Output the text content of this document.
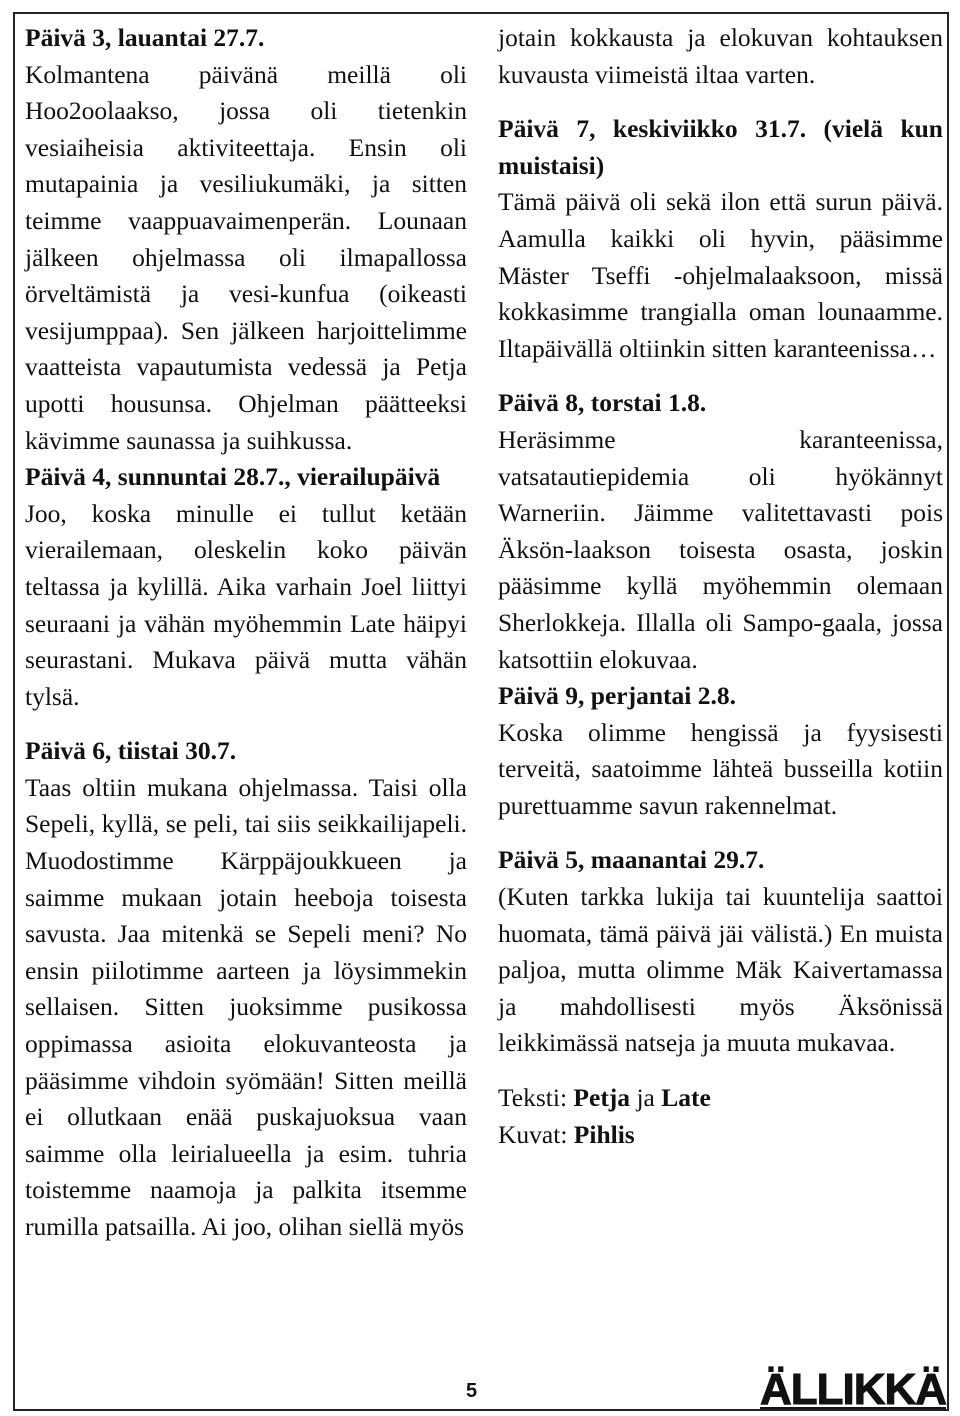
Päivä 3, lauantai 27.7.

Kolmantena päivänä meillä oli Hoo2oolaakso, jossa oli tietenkin vesiaiheisia aktiviteettaja. Ensin oli mutapainia ja vesiliukumäki, ja sitten teimme vaappuavaimenperän. Lounaan jälkeen ohjelmassa oli ilmapallossa örveltämistä ja vesi-kunfua (oikeasti vesijumppaa). Sen jälkeen harjoittelimme vaatteista vapautumista vedessä ja Petja upotti housunsa. Ohjelman päätteeksi kävimme saunassa ja suihkussa.

Päivä 4, sunnuntai 28.7., vierailupäivä

Joo, koska minulle ei tullut ketään vierailemaan, oleskelin koko päivän teltassa ja kylillä. Aika varhain Joel liittyi seuraani ja vähän myöhemmin Late häipyi seurastani. Mukava päivä mutta vähän tylsä.

Päivä 6, tiistai 30.7.

Taas oltiin mukana ohjelmassa. Taisi olla Sepeli, kyllä, se peli, tai siis seikkailijapeli. Muodostimme Kärppäjoukkueen ja saimme mukaan jotain heeboja toisesta savusta. Jaa mitenkä se Sepeli meni? No ensin piilotimme aarteen ja löysimmekin sellaisen. Sitten juoksimme pusikossa oppimassa asioita elokuvanteosta ja pääsimme vihdoin syömään! Sitten meillä ei ollutkaan enää puskajuoksua vaan saimme olla leirialueella ja esim. tuhria toistemme naamoja ja palkita itsemme rumilla patsailla. Ai joo, olihan siellä myös

jotain kokkausta ja elokuvan kohtauksen kuvausta viimeistä iltaa varten.

Päivä 7, keskiviikko 31.7. (vielä kun muistaisi)

Tämä päivä oli sekä ilon että surun päivä. Aamulla kaikki oli hyvin, pääsimme Mäster Tseffi -ohjelmalaaksoon, missä kokkasimme trangialla oman lounaamme. Iltapäivällä oltiinkin sitten karanteenissa…

Päivä 8, torstai 1.8.

Heräsimme karanteenissa, vatsatautiepidemia oli hyökännyt Warneriin. Jäimme valitettavasti pois Äksön-laakson toisesta osasta, joskin pääsimme kyllä myöhemmin olemaan Sherlokkeja. Illalla oli Sampo-gaala, jossa katsottiin elokuvaa.

Päivä 9, perjantai 2.8.

Koska olimme hengissä ja fyysisesti terveitä, saatoimme lähteä busseilla kotiin purettuamme savun rakennelmat.

Päivä 5, maanantai 29.7.

(Kuten tarkka lukija tai kuuntelija saattoi huomata, tämä päivä jäi välistä.) En muista paljoa, mutta olimme Mäk Kaivertamassa ja mahdollisesti myös Äksönissä leikkimässä natseja ja muuta mukavaa.

Teksti: Petja ja Late

Kuvat: Pihlis

5	ÄLLIKKÄ
